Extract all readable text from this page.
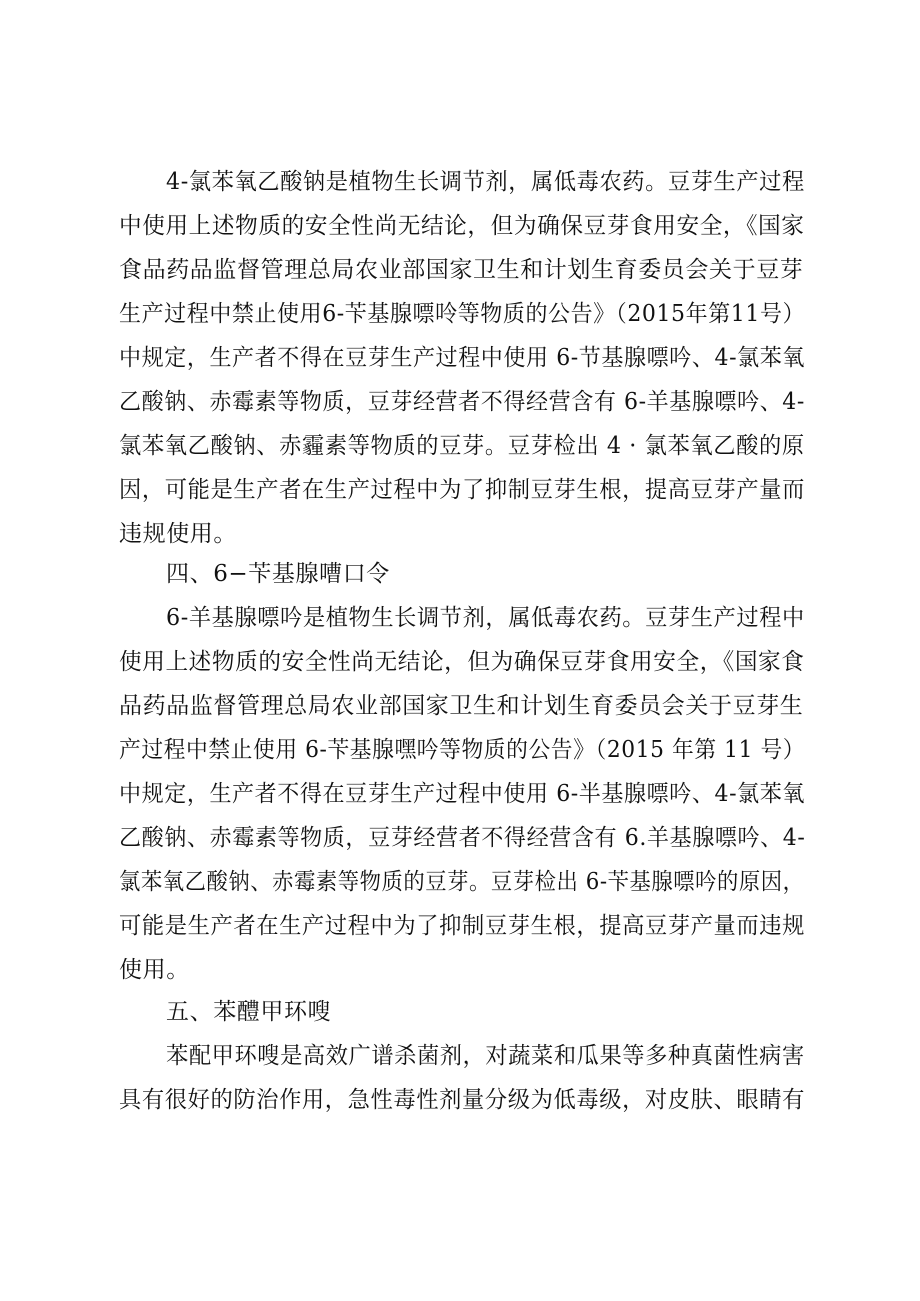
4-氯苯氧乙酸钠是植物生长调节剂，属低毒农药。豆芽生产过程
中使用上述物质的安全性尚无结论，但为确保豆芽食用安全，《国家
食品药品监督管理总局农业部国家卫生和计划生育委员会关于豆芽
生产过程中禁止使用6-苄基腺嘌呤等物质的公告》（2015年第11号）
中规定，生产者不得在豆芽生产过程中使用 6-节基腺嘌吟、4-氯苯氧
乙酸钠、赤霉素等物质，豆芽经营者不得经营含有 6-羊基腺嘌吟、4-
氯苯氧乙酸钠、赤霾素等物质的豆芽。豆芽检出 4 · 氯苯氧乙酸的原
因，可能是生产者在生产过程中为了抑制豆芽生根，提高豆芽产量而
违规使用。
四、6−苄基腺嘈口令
6-羊基腺嘌吟是植物生长调节剂，属低毒农药。豆芽生产过程中
使用上述物质的安全性尚无结论，但为确保豆芽食用安全，《国家食
品药品监督管理总局农业部国家卫生和计划生育委员会关于豆芽生
产过程中禁止使用 6-苄基腺嘿吟等物质的公告》（2015 年第 11 号）
中规定，生产者不得在豆芽生产过程中使用 6-半基腺嘌吟、4-氯苯氧
乙酸钠、赤霉素等物质，豆芽经营者不得经营含有 6.羊基腺嘌吟、4-
氯苯氧乙酸钠、赤霉素等物质的豆芽。豆芽检出 6-苄基腺嘌吟的原因，
可能是生产者在生产过程中为了抑制豆芽生根，提高豆芽产量而违规
使用。
五、苯醴甲环嗖
苯配甲环嗖是高效广谱杀菌剂，对蔬菜和瓜果等多种真菌性病害
具有很好的防治作用，急性毒性剂量分级为低毒级，对皮肤、眼睛有
